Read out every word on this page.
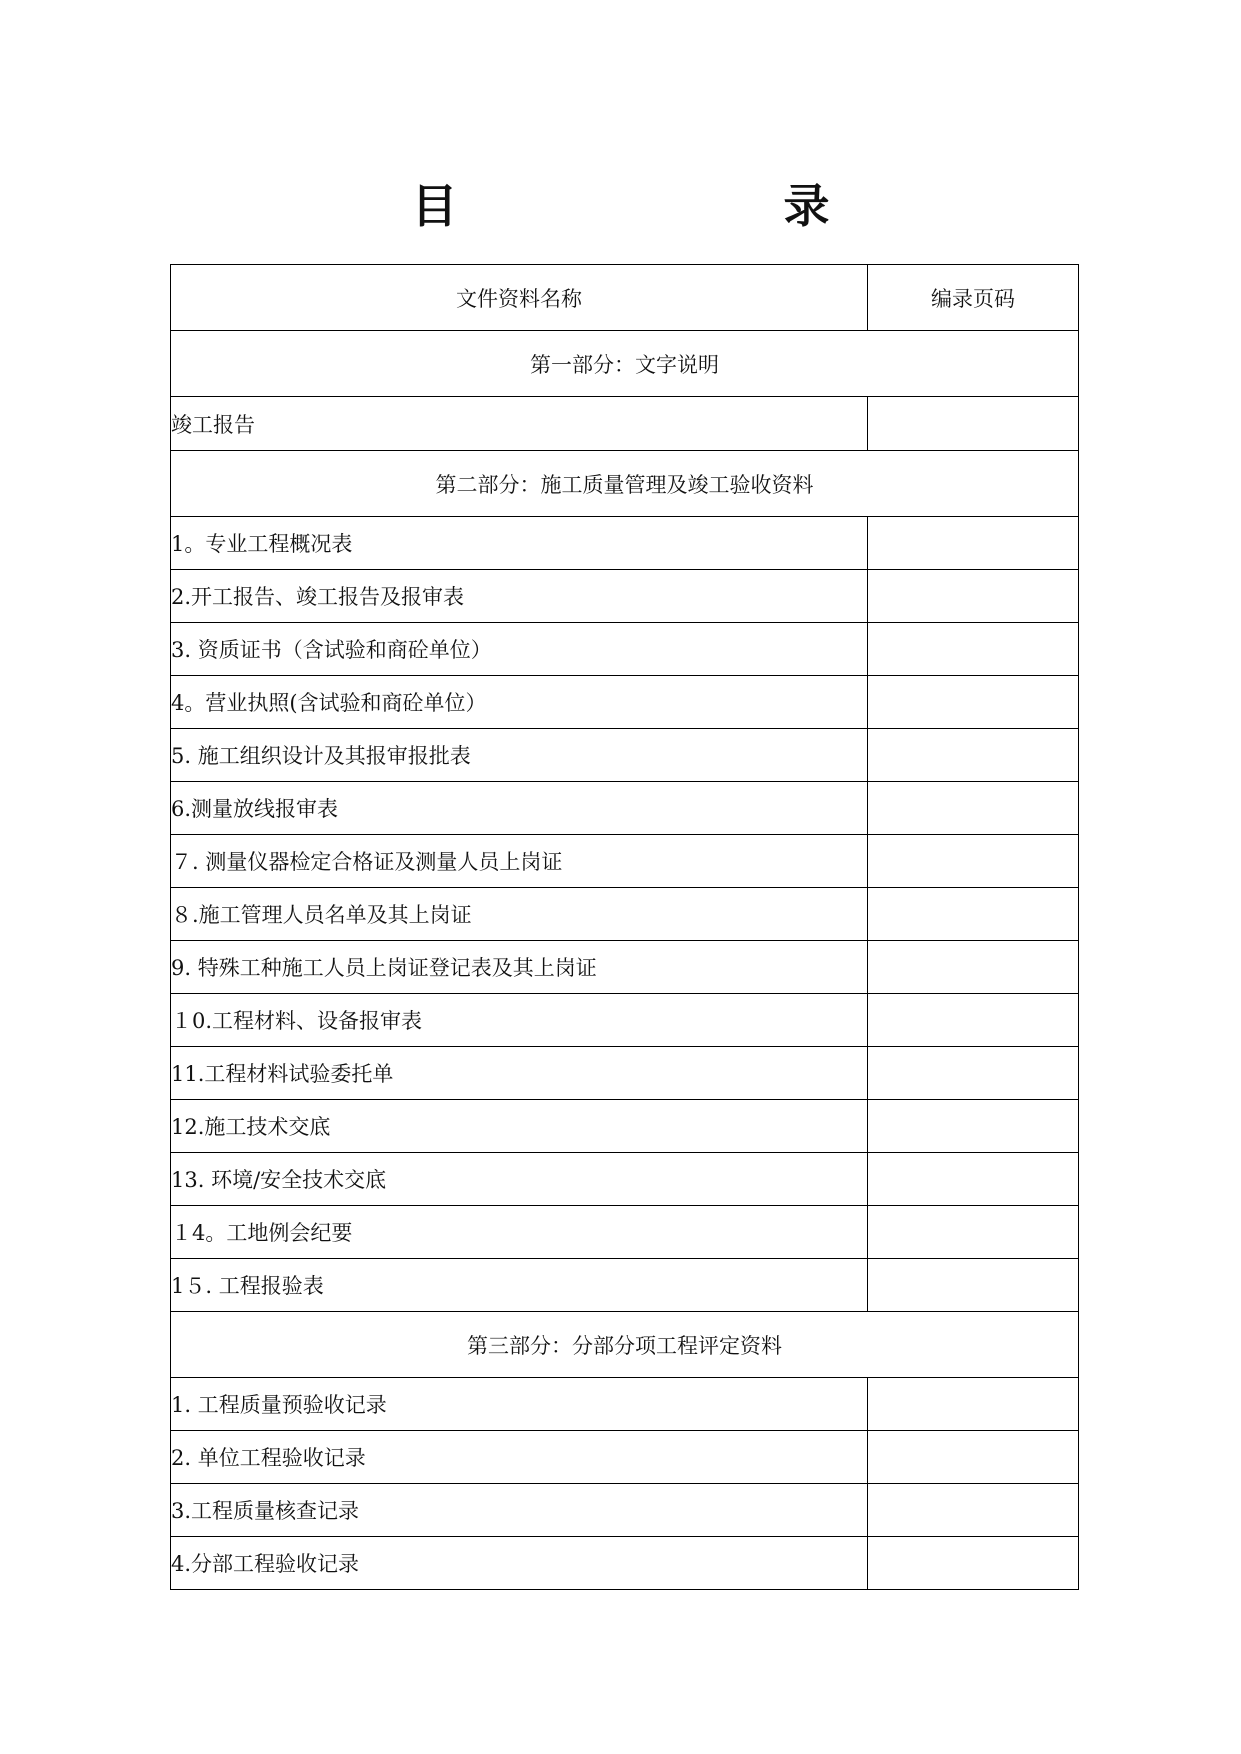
目　　录
文件资料名称	编录页码
第一部分：文字说明	
竣工报告	
第二部分：施工质量管理及竣工验收资料	
1。专业工程概况表	
2.开工报告、竣工报告及报审表	
3. 资质证书（含试验和商砼单位）	
4。营业执照(含试验和商砼单位）	
5. 施工组织设计及其报审报批表	
6.测量放线报审表	
７. 测量仪器检定合格证及测量人员上岗证	
８.施工管理人员名单及其上岗证	
9. 特殊工种施工人员上岗证登记表及其上岗证	
１0.工程材料、设备报审表	
11.工程材料试验委托单	
12.施工技术交底	
13. 环境/安全技术交底	
１4。工地例会纪要	
1５. 工程报验表	
第三部分：分部分项工程评定资料	
1. 工程质量预验收记录	
2. 单位工程验收记录	
3.工程质量核查记录	
4.分部工程验收记录	
